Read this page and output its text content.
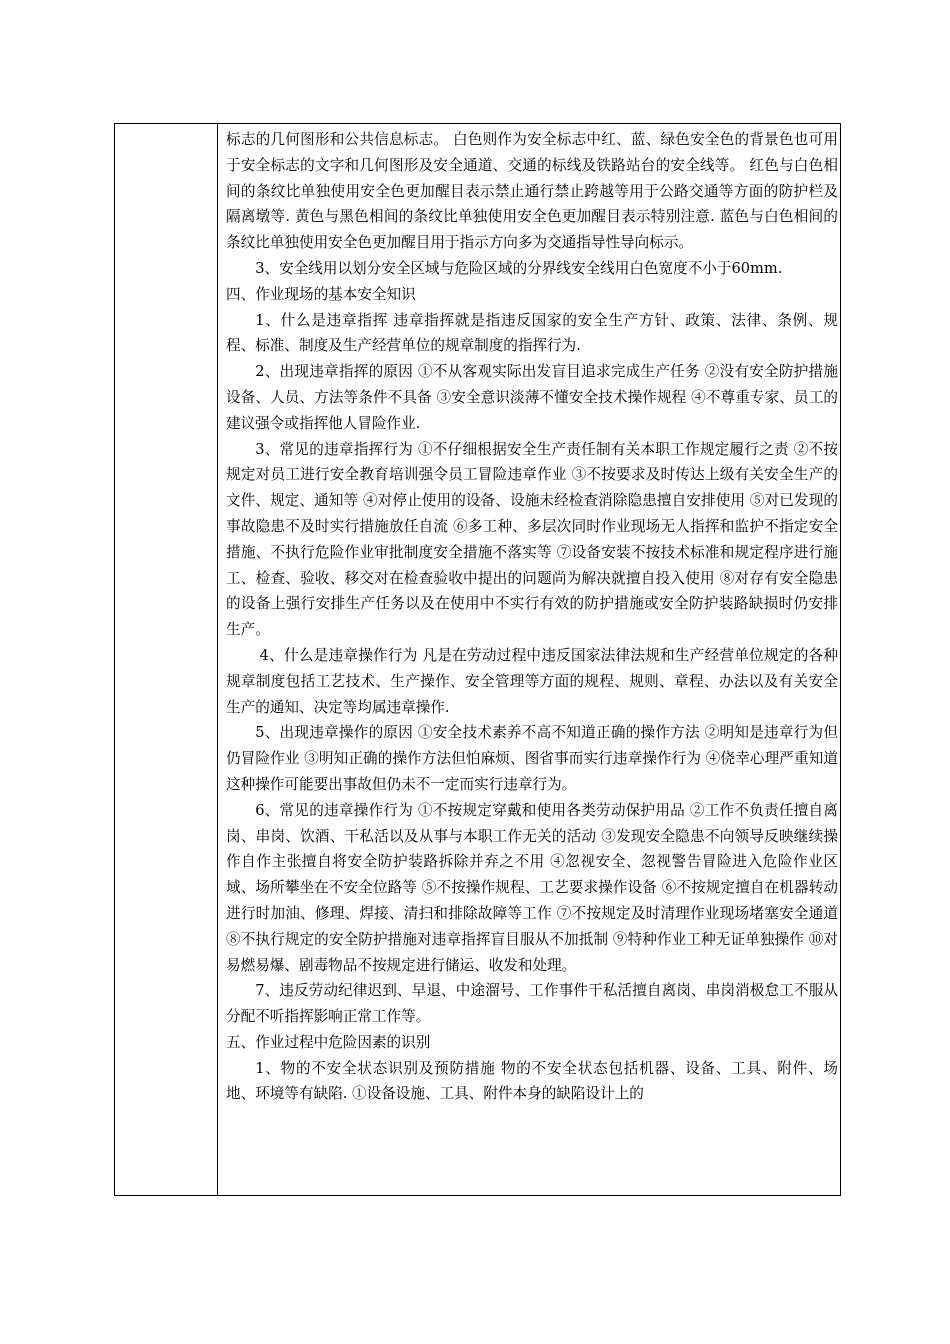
标志的几何图形和公共信息标志。 白色则作为安全标志中红、蓝、绿色安全色的背景色也可用于安全标志的文字和几何图形及安全通道、交通的标线及铁路站台的安全线等。 红色与白色相间的条纹比单独使用安全色更加醒目表示禁止通行禁止跨越等用于公路交通等方面的防护栏及隔离墩等. 黄色与黑色相间的条纹比单独使用安全色更加醒目表示特别注意. 蓝色与白色相间的条纹比单独使用安全色更加醒目用于指示方向多为交通指导性导向标示。

3、安全线用以划分安全区域与危险区域的分界线安全线用白色宽度不小于60mm.

四、作业现场的基本安全知识

1、什么是违章指挥 违章指挥就是指违反国家的安全生产方针、政策、法律、条例、规程、标准、制度及生产经营单位的规章制度的指挥行为.

2、出现违章指挥的原因 ①不从客观实际出发盲目追求完成生产任务 ②没有安全防护措施设备、人员、方法等条件不具备 ③安全意识淡薄不懂安全技术操作规程 ④不尊重专家、员工的建议强令或指挥他人冒险作业.

3、常见的违章指挥行为 ①不仔细根据安全生产责任制有关本职工作规定履行之责 ②不按规定对员工进行安全教育培训强令员工冒险违章作业 ③不按要求及时传达上级有关安全生产的文件、规定、通知等 ④对停止使用的设备、设施未经检查消除隐患擅自安排使用 ⑤对已发现的事故隐患不及时实行措施放任自流 ⑥多工种、多层次同时作业现场无人指挥和监护不指定安全措施、不执行危险作业审批制度安全措施不落实等 ⑦设备安装不按技术标准和规定程序进行施工、检查、验收、移交对在检查验收中提出的问题尚为解决就擅自投入使用 ⑧对存有安全隐患的设备上强行安排生产任务以及在使用中不实行有效的防护措施或安全防护装路缺损时仍安排生产。

4、什么是违章操作行为 凡是在劳动过程中违反国家法律法规和生产经营单位规定的各种规章制度包括工艺技术、生产操作、安全管理等方面的规程、规则、章程、办法以及有关安全生产的通知、决定等均属违章操作.

5、出现违章操作的原因 ①安全技术素养不高不知道正确的操作方法 ②明知是违章行为但仍冒险作业 ③明知正确的操作方法但怕麻烦、图省事而实行违章操作行为 ④侥幸心理严重知道这种操作可能要出事故但仍未不一定而实行违章行为。

6、常见的违章操作行为 ①不按规定穿戴和使用各类劳动保护用品 ②工作不负责任擅自离岗、串岗、饮酒、干私活以及从事与本职工作无关的活动 ③发现安全隐患不向领导反映继续操作自作主张擅自将安全防护装路拆除并弃之不用 ④忽视安全、忽视警告冒险进入危险作业区域、场所攀坐在不安全位路等 ⑤不按操作规程、工艺要求操作设备 ⑥不按规定擅自在机器转动进行时加油、修理、焊接、清扫和排除故障等工作 ⑦不按规定及时清理作业现场堵塞安全通道 ⑧不执行规定的安全防护措施对违章指挥盲目服从不加抵制 ⑨特种作业工种无证单独操作 ⑩对易燃易爆、剧毒物品不按规定进行储运、收发和处理。

7、违反劳动纪律迟到、早退、中途溜号、工作事件干私活擅自离岗、串岗消极怠工不服从分配不听指挥影响正常工作等。

五、作业过程中危险因素的识别

1、物的不安全状态识别及预防措施 物的不安全状态包括机器、设备、工具、附件、场地、环境等有缺陷. ①设备设施、工具、附件本身的缺陷设计上的
